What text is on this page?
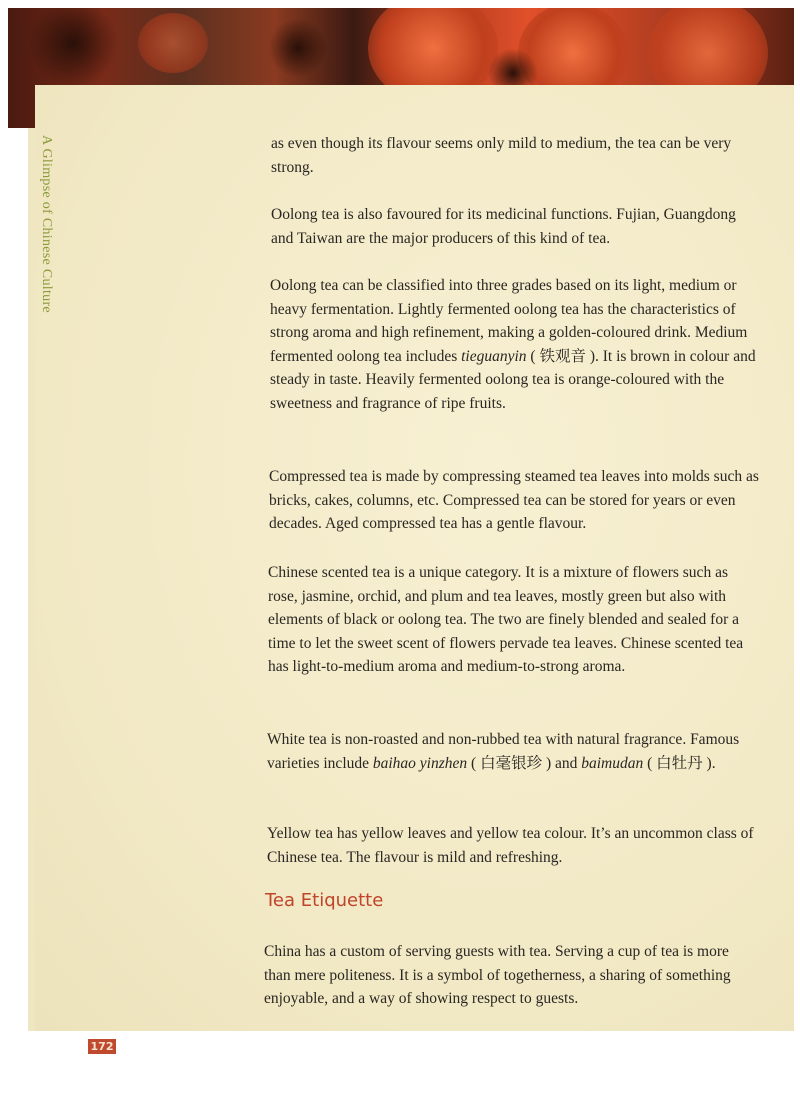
A Glimpse of Chinese Culture	as even though its flavour seems only mild to medium, the tea can be very strong.

Oolong tea is also favoured for its medicinal functions. Fujian, Guangdong and Taiwan are the major producers of this kind of tea.

Oolong tea can be classified into three grades based on its light, medium or heavy fermentation. Lightly fermented oolong tea has the characteristics of strong aroma and high refinement, making a golden-coloured drink. Medium fermented oolong tea includes tieguanyin ( 铁观音 ). It is brown in colour and steady in taste. Heavily fermented oolong tea is orange-coloured with the sweetness and fragrance of ripe fruits.

Compressed tea is made by compressing steamed tea leaves into molds such as bricks, cakes, columns, etc. Compressed tea can be stored for years or even decades. Aged compressed tea has a gentle flavour.

Chinese scented tea is a unique category. It is a mixture of flowers such as rose, jasmine, orchid, and plum and tea leaves, mostly green but also with elements of black or oolong tea. The two are finely blended and sealed for a time to let the sweet scent of flowers pervade tea leaves. Chinese scented tea has light-to-medium aroma and medium-to-strong aroma.

White tea is non-roasted and non-rubbed tea with natural fragrance. Famous varieties include baihao yinzhen ( 白毫银珍 ) and baimudan ( 白牡丹 ).

Yellow tea has yellow leaves and yellow tea colour. It’s an uncommon class of Chinese tea. The flavour is mild and refreshing.

Tea Etiquette

China has a custom of serving guests with tea. Serving a cup of tea is more than mere politeness. It is a symbol of togetherness, a sharing of something enjoyable, and a way of showing respect to guests.

172
